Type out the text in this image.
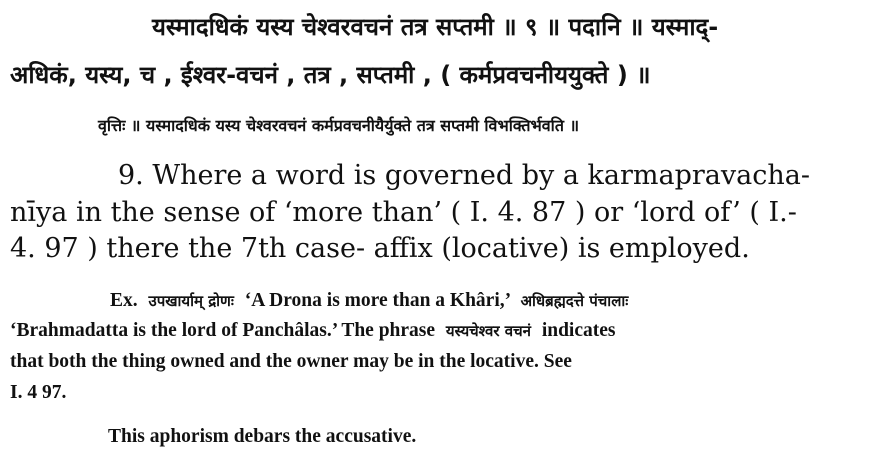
यस्मादधिकं यस्य चेश्वरवचनं तत्र सप्तमी ॥ ९ ॥ पदानि ॥ यस्माद्-
अधिकं, यस्य, च , ईश्वर-वचनं , तत्र , सप्तमी , ( कर्मप्रवचनीययुक्ते ) ॥
वृत्तिः ॥ यस्मादधिकं यस्य चेश्वरवचनं कर्मप्रवचनीयैर्युक्ते तत्र सप्तमी विभक्तिर्भवति ॥
9. Where a word is governed by a karmapravacha-
nīya in the sense of ‘more than’ ( I. 4. 87 ) or ‘lord of’ ( I.-
4. 97 ) there the 7th case- affix (locative) is employed.
Ex. उपखार्याम् द्रोणः ‘A Drona is more than a Khâri,’ अधिब्रह्मदत्ते पंचालाः
‘Brahmadatta is the lord of Panchâlas.’ The phrase यस्यचेश्वर वचनं indicates
that both the thing owned and the owner may be in the locative. See
I. 4 97.
This aphorism debars the accusative.
